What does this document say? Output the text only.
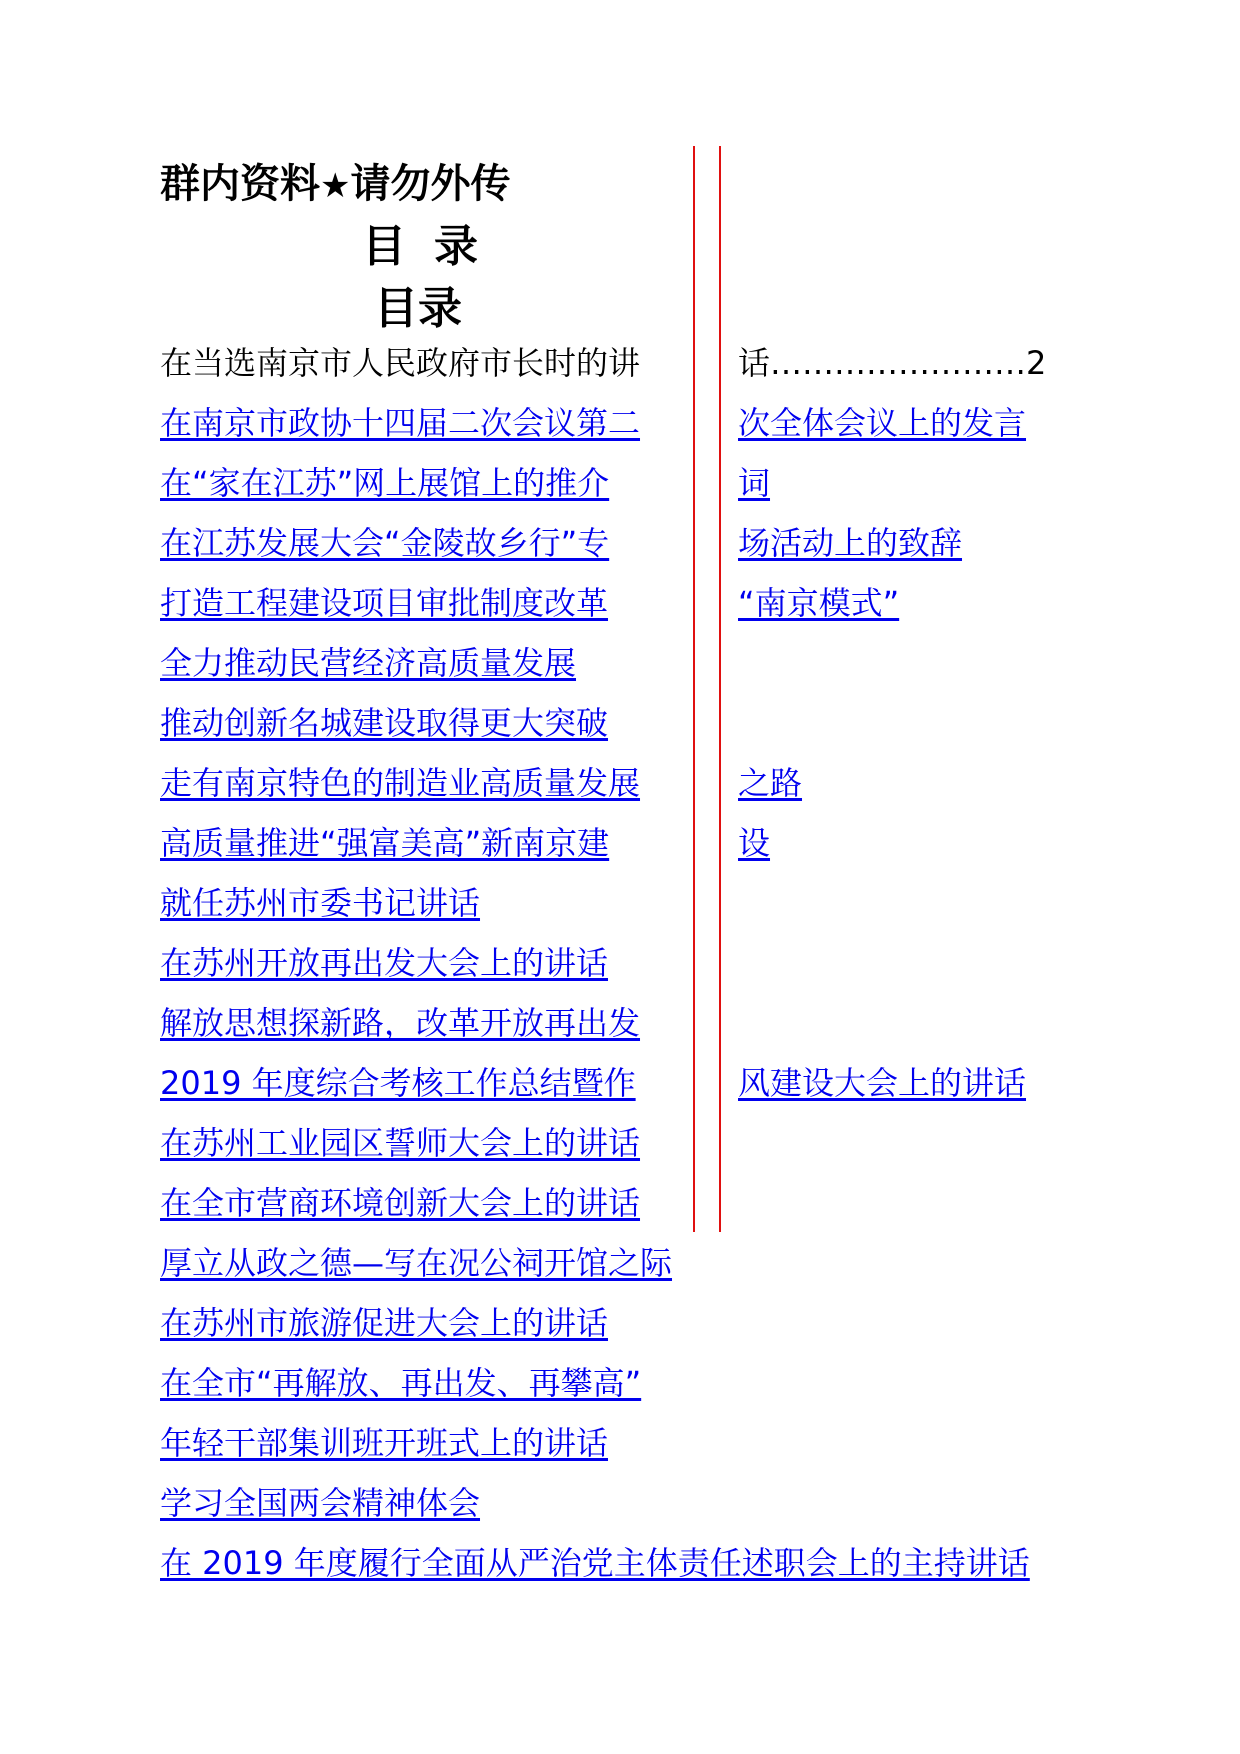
群内资料★请勿外传
目录
目录
在当选南京市人民政府市长时的讲	话……………………2
在南京市政协十四届二次会议第二	次全体会议上的发言
在“家在江苏”网上展馆上的推介	词
在江苏发展大会“金陵故乡行”专	场活动上的致辞
打造工程建设项目审批制度改革	“南京模式”
全力推动民营经济高质量发展
推动创新名城建设取得更大突破
走有南京特色的制造业高质量发展	之路
高质量推进“强富美高”新南京建	设
就任苏州市委书记讲话
在苏州开放再出发大会上的讲话
解放思想探新路，改革开放再出发
2019 年度综合考核工作总结暨作	风建设大会上的讲话
在苏州工业园区誓师大会上的讲话
在全市营商环境创新大会上的讲话
厚立从政之德—写在况公祠开馆之际
在苏州市旅游促进大会上的讲话
在全市“再解放、再出发、再攀高”
年轻干部集训班开班式上的讲话
学习全国两会精神体会
在 2019 年度履行全面从严治党主体责任述职会上的主持讲话
